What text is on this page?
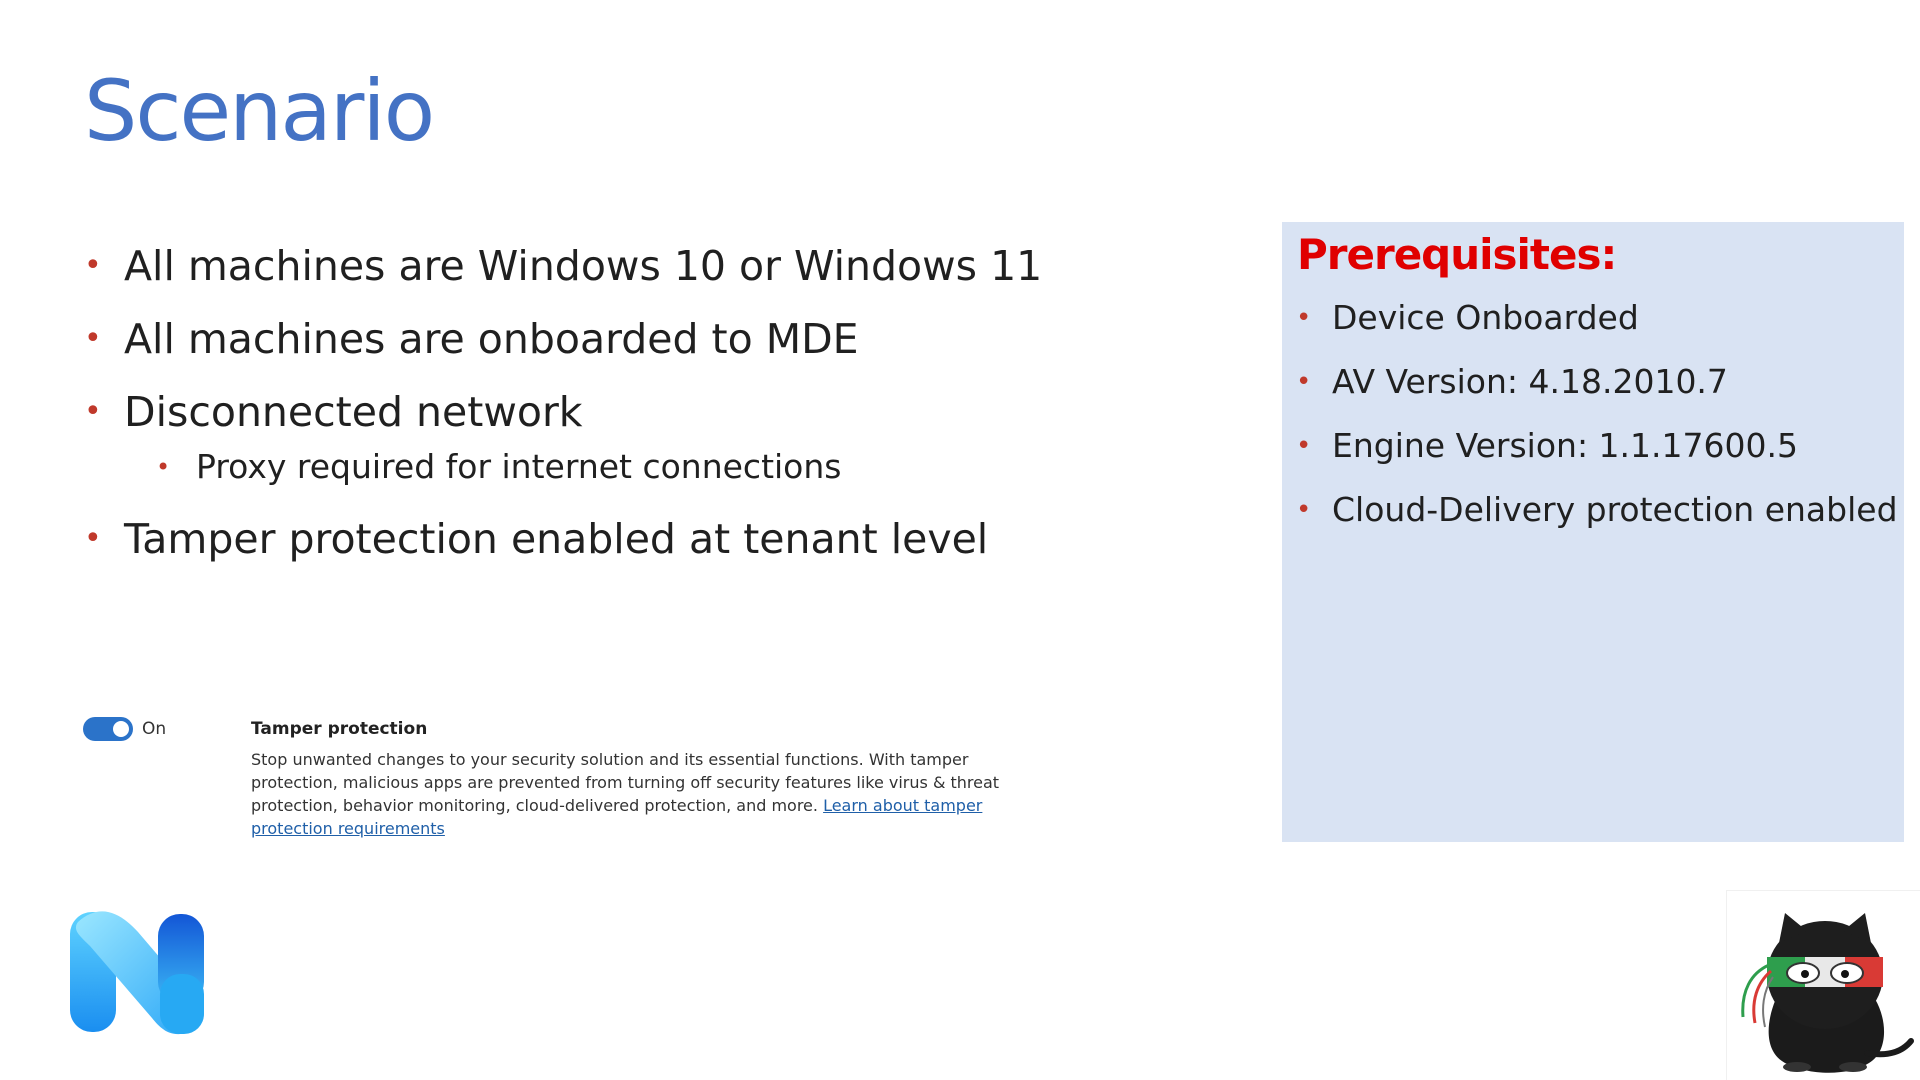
Scenario
• All machines are Windows 10 or Windows 11
• All machines are onboarded to MDE
• Disconnected network
• Proxy required for internet connections
• Tamper protection enabled at tenant level
On	Tamper protection
Stop unwanted changes to your security solution and its essential functions. With tamper protection, malicious apps are prevented from turning off security features like virus & threat protection, behavior monitoring, cloud-delivered protection, and more. Learn about tamper protection requirements
Prerequisites:
• Device Onboarded
• AV Version: 4.18.2010.7
• Engine Version: 1.1.17600.5
• Cloud-Delivery protection enabled
